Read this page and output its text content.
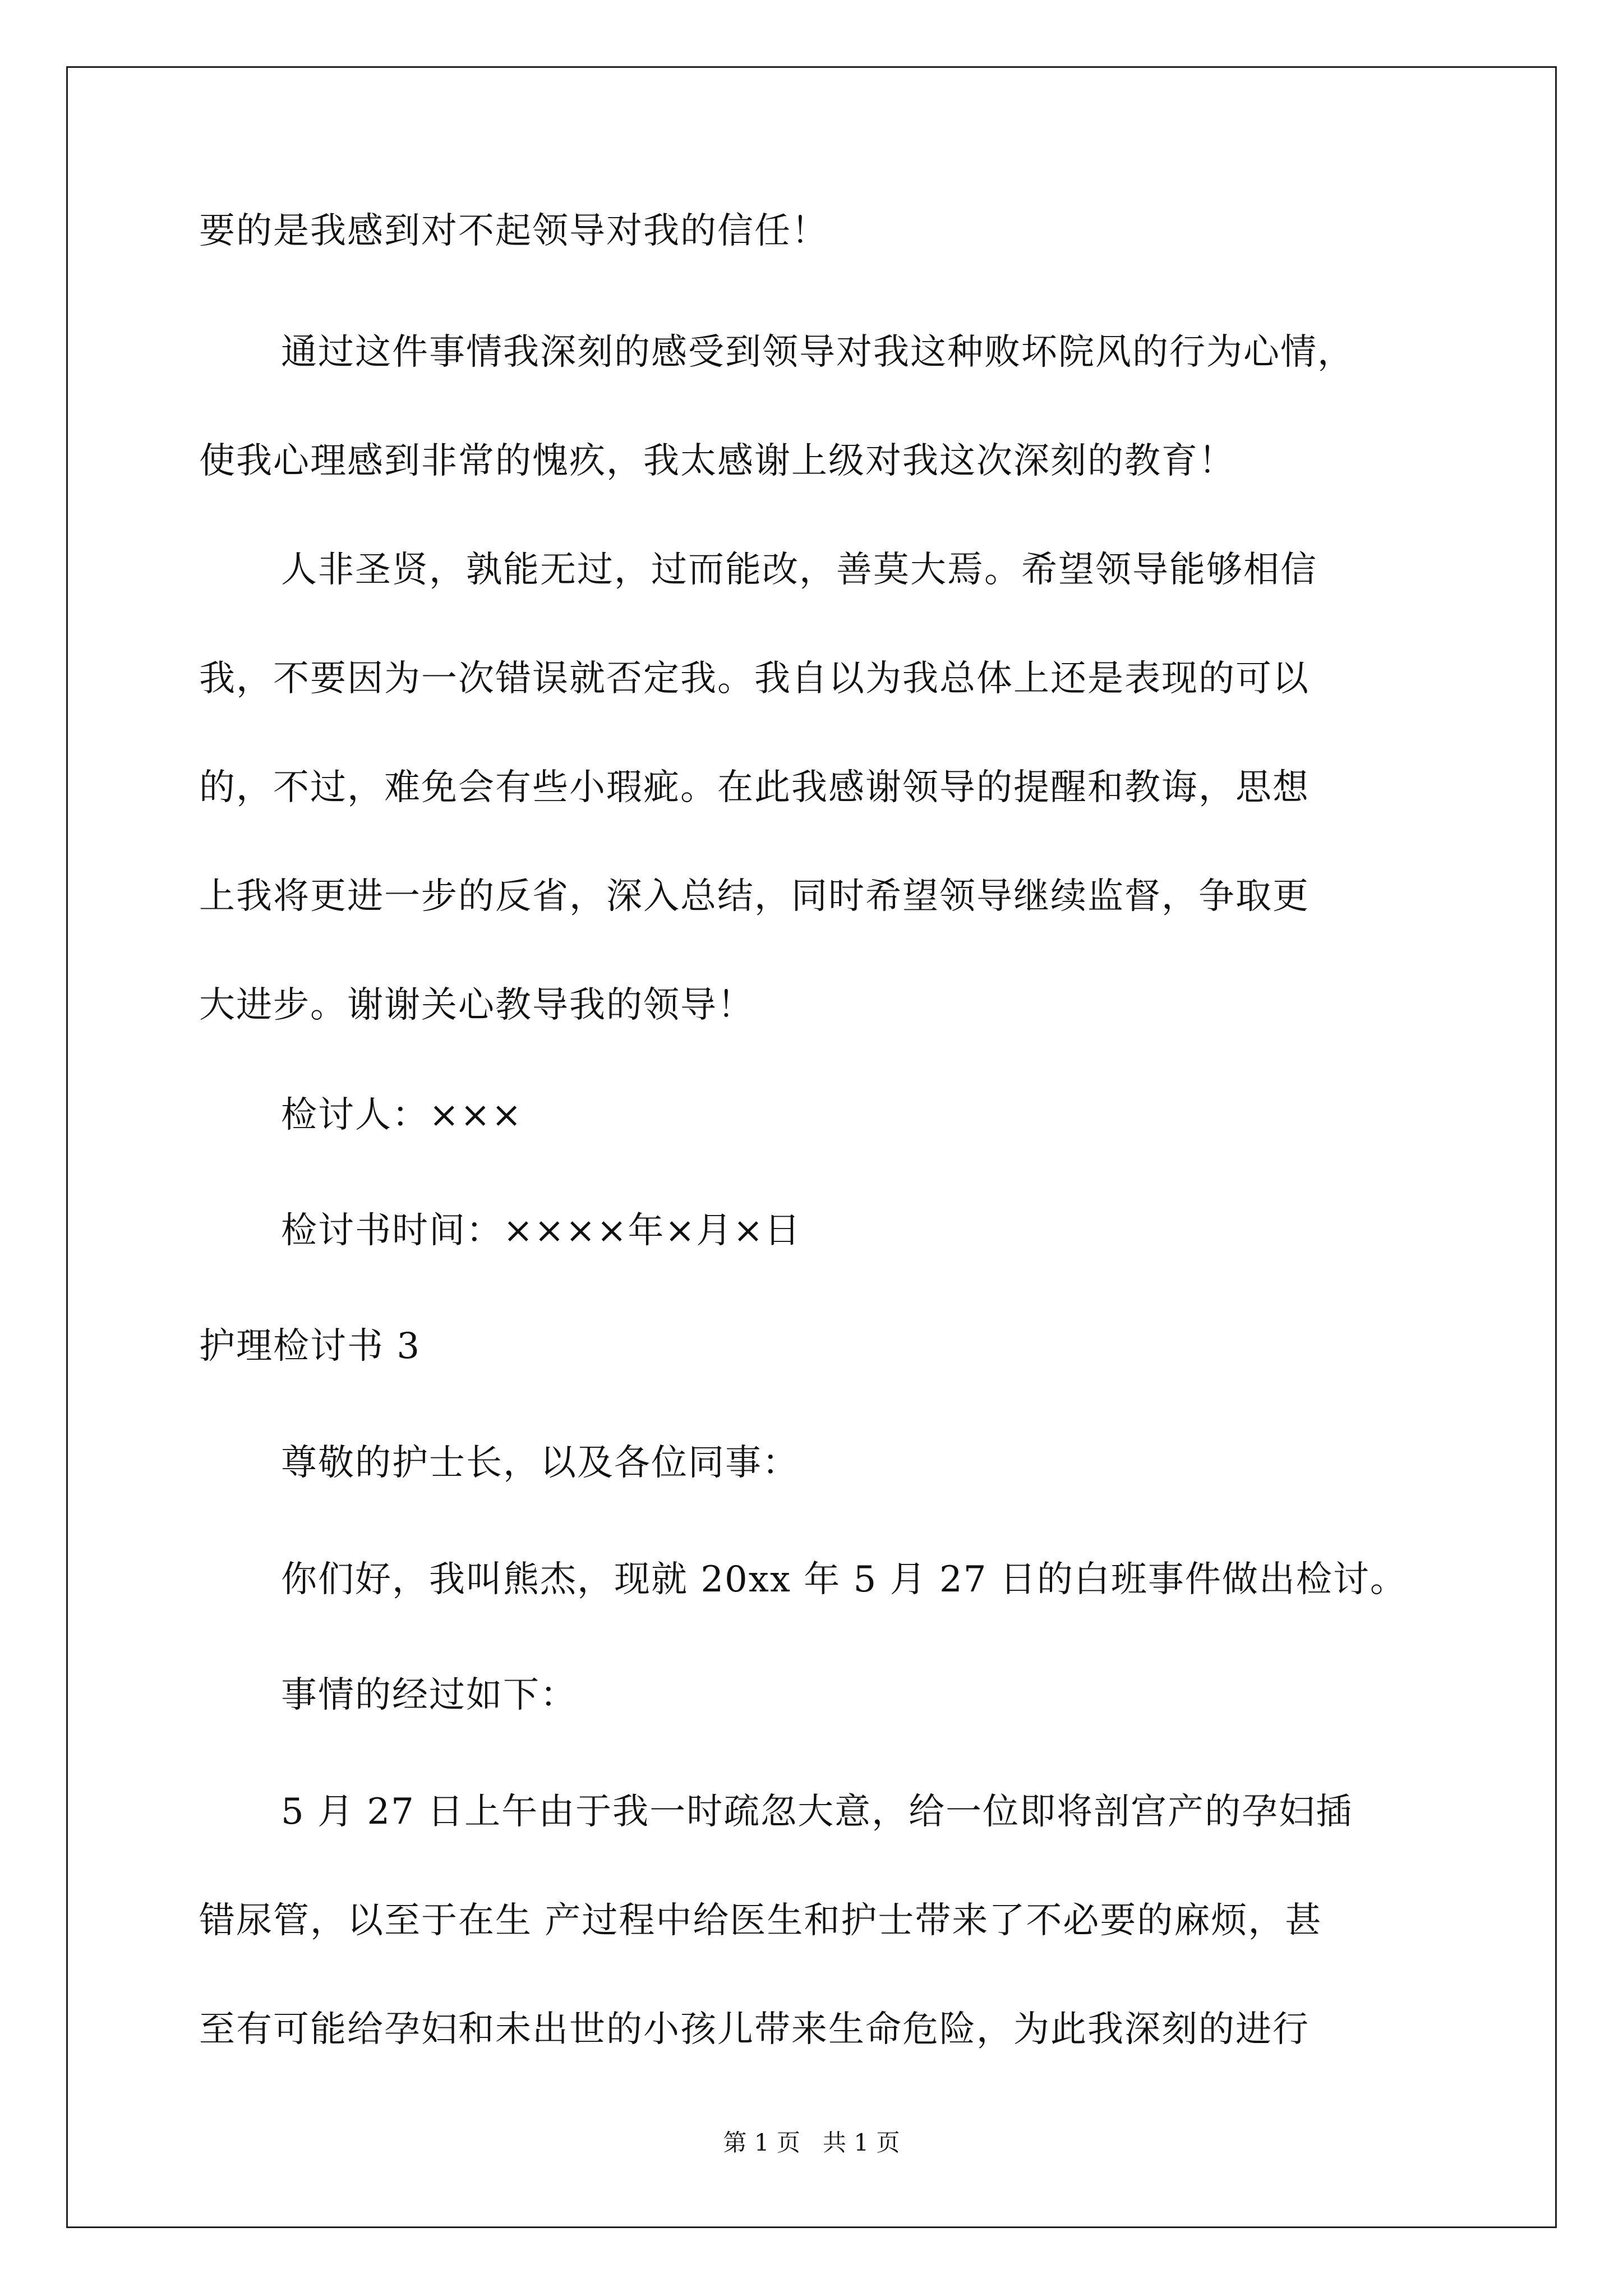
要的是我感到对不起领导对我的信任！
通过这件事情我深刻的感受到领导对我这种败坏院风的行为心情，
使我心理感到非常的愧疚，我太感谢上级对我这次深刻的教育！
人非圣贤，孰能无过，过而能改，善莫大焉。希望领导能够相信
我，不要因为一次错误就否定我。我自以为我总体上还是表现的可以
的，不过，难免会有些小瑕疵。在此我感谢领导的提醒和教诲，思想
上我将更进一步的反省，深入总结，同时希望领导继续监督，争取更
大进步。谢谢关心教导我的领导！
检讨人：×××
检讨书时间：××××年×月×日
护理检讨书 3
尊敬的护士长，以及各位同事：
你们好，我叫熊杰，现就 20xx 年 5 月 27 日的白班事件做出检讨。
事情的经过如下：
5 月 27 日上午由于我一时疏忽大意，给一位即将剖宫产的孕妇插
错尿管，以至于在生 产过程中给医生和护士带来了不必要的麻烦，甚
至有可能给孕妇和未出世的小孩儿带来生命危险，为此我深刻的进行
第 1 页   共 1 页
